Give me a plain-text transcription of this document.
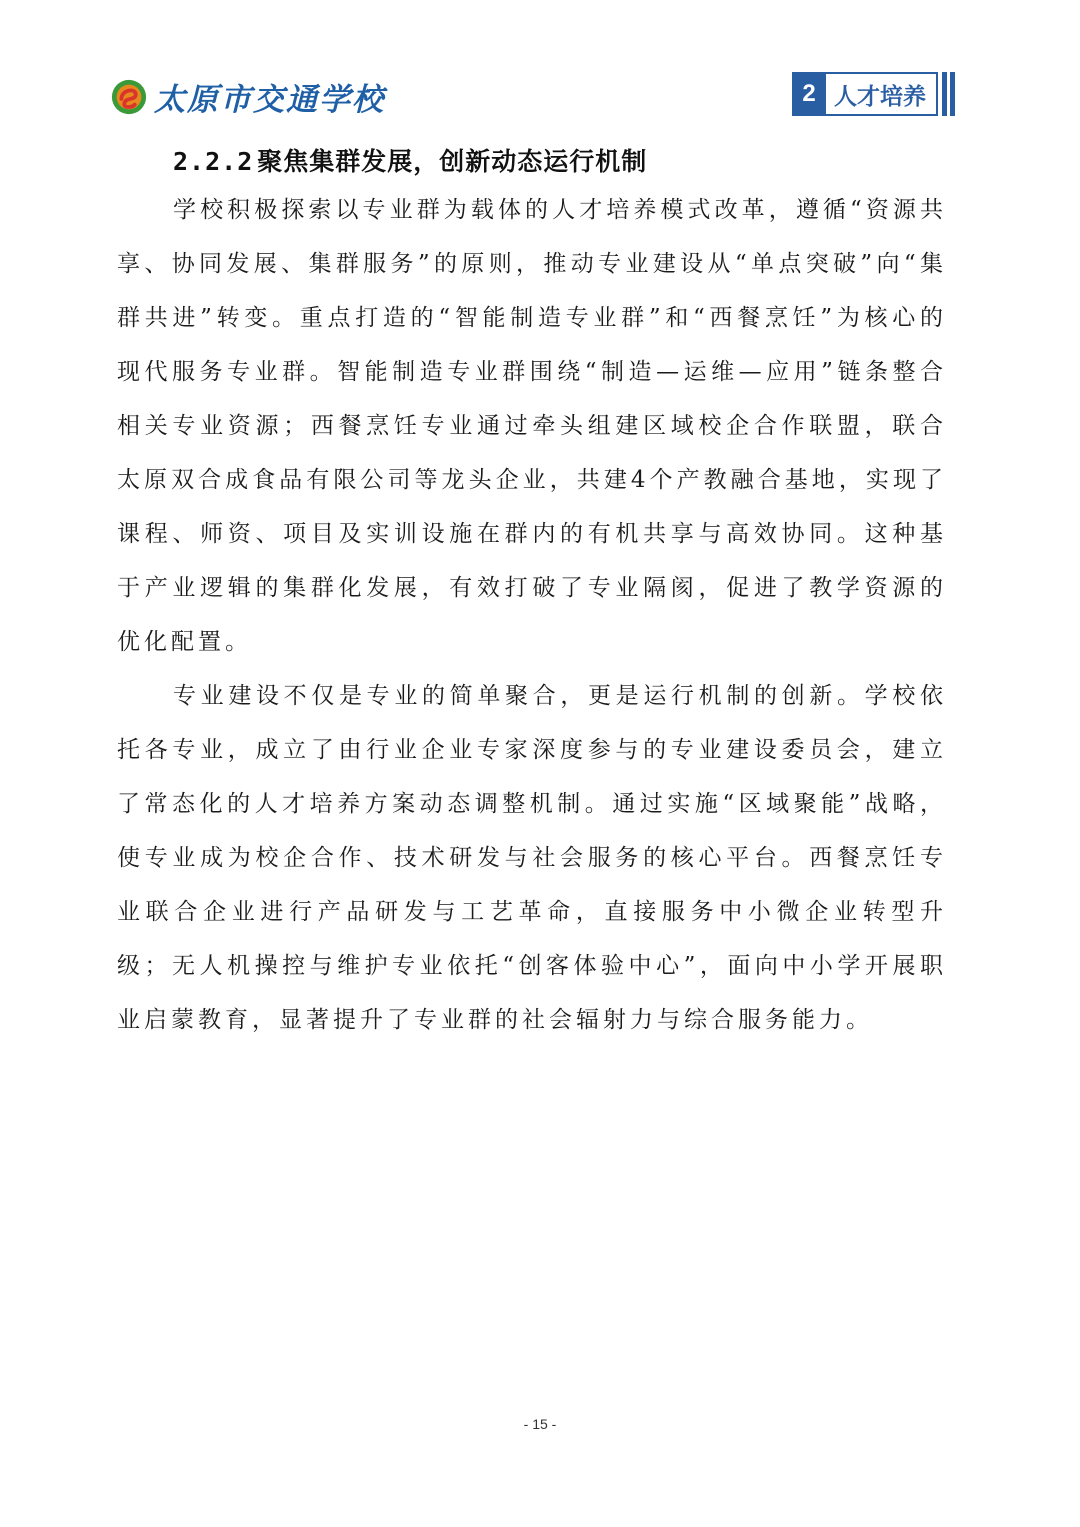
太原市交通学校	2 人才培养
2.2.2 聚焦集群发展，创新动态运行机制

学校积极探索以专业群为载体的人才培养模式改革，遵循“资源共享、协同发展、集群服务”的原则，推动专业建设从“单点突破”向“集群共进”转变。重点打造的“智能制造专业群”和“西餐烹饪”为核心的现代服务专业群。智能制造专业群围绕“制造—运维—应用”链条整合相关专业资源；西餐烹饪专业通过牵头组建区域校企合作联盟，联合太原双合成食品有限公司等龙头企业，共建4个产教融合基地，实现了课程、师资、项目及实训设施在群内的有机共享与高效协同。这种基于产业逻辑的集群化发展，有效打破了专业隔阂，促进了教学资源的优化配置。

专业建设不仅是专业的简单聚合，更是运行机制的创新。学校依托各专业，成立了由行业企业专家深度参与的专业建设委员会，建立了常态化的人才培养方案动态调整机制。通过实施“区域聚能”战略，使专业成为校企合作、技术研发与社会服务的核心平台。西餐烹饪专业联合企业进行产品研发与工艺革命，直接服务中小微企业转型升级；无人机操控与维护专业依托“创客体验中心”，面向中小学开展职业启蒙教育，显著提升了专业群的社会辐射力与综合服务能力。

- 15 -
